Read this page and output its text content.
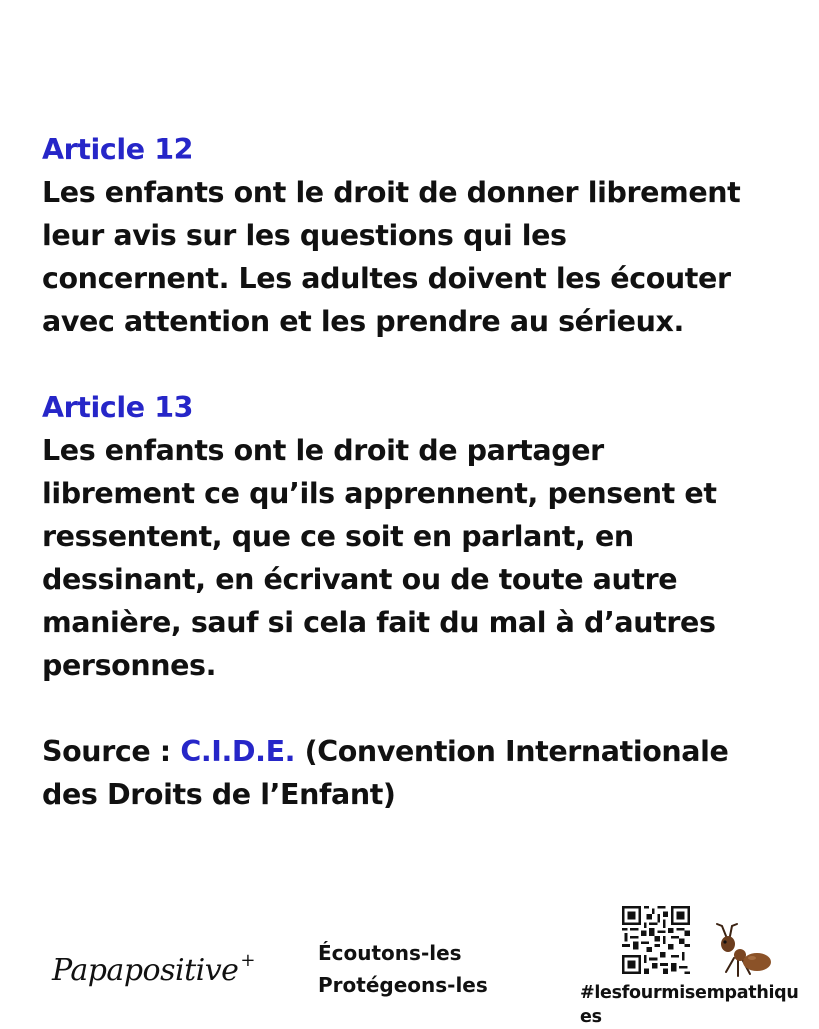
Article 12
Les enfants ont le droit de donner librement
leur avis sur les questions qui les
concernent. Les adultes doivent les écouter
avec attention et les prendre au sérieux.
Article 13
Les enfants ont le droit de partager
librement ce qu’ils apprennent, pensent et
ressentent, que ce soit en parlant, en
dessinant, en écrivant ou de toute autre
manière, sauf si cela fait du mal à d’autres
personnes.
Source : C.I.D.E. (Convention Internationale
des Droits de l’Enfant)
Papapositive +	Écoutons-les
Protégeons-les	#lesfourmisempathiques
